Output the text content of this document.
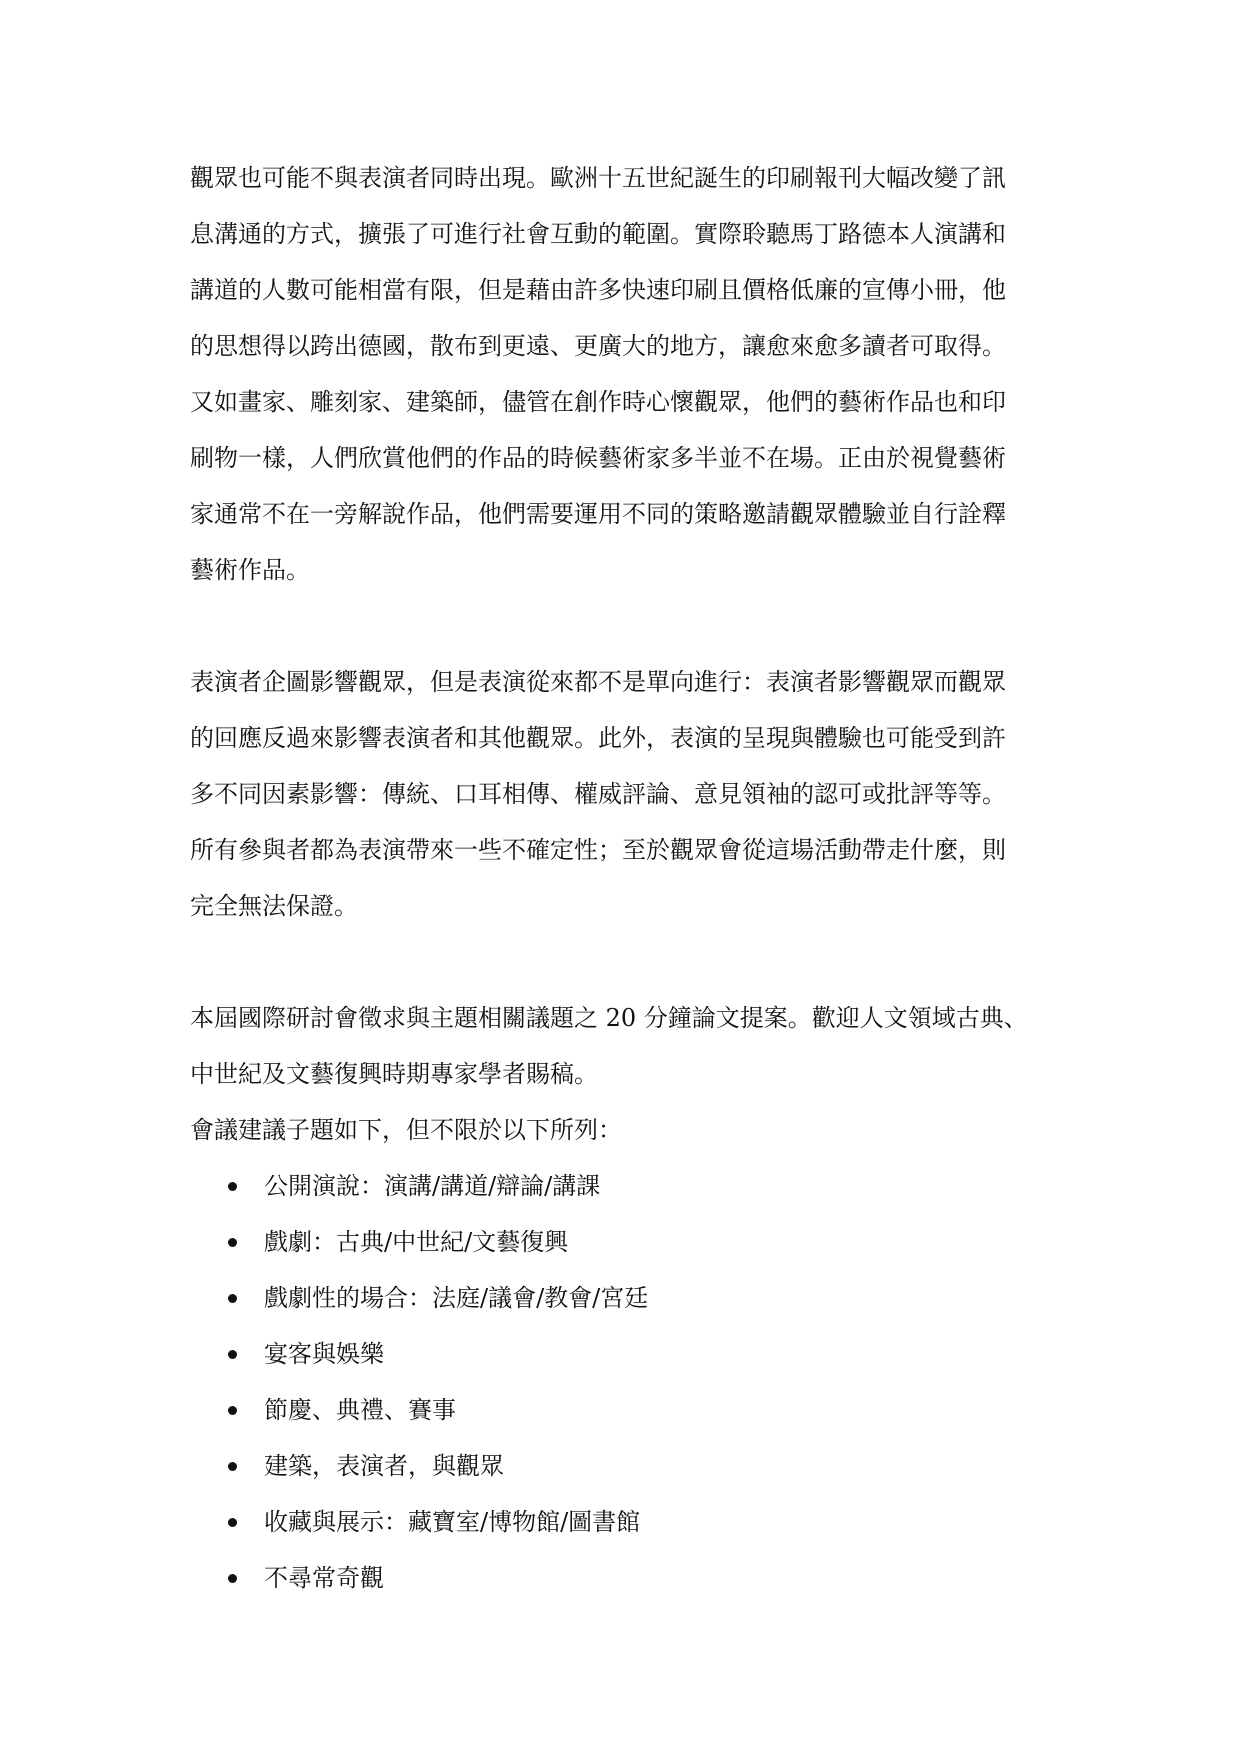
觀眾也可能不與表演者同時出現。歐洲十五世紀誕生的印刷報刊大幅改變了訊

息溝通的方式，擴張了可進行社會互動的範圍。實際聆聽馬丁路德本人演講和

講道的人數可能相當有限，但是藉由許多快速印刷且價格低廉的宣傳小冊，他

的思想得以跨出德國，散布到更遠、更廣大的地方，讓愈來愈多讀者可取得。

又如畫家、雕刻家、建築師，儘管在創作時心懷觀眾，他們的藝術作品也和印

刷物一樣，人們欣賞他們的作品的時候藝術家多半並不在場。正由於視覺藝術

家通常不在一旁解說作品，他們需要運用不同的策略邀請觀眾體驗並自行詮釋

藝術作品。

表演者企圖影響觀眾，但是表演從來都不是單向進行：表演者影響觀眾而觀眾

的回應反過來影響表演者和其他觀眾。此外，表演的呈現與體驗也可能受到許

多不同因素影響：傳統、口耳相傳、權威評論、意見領袖的認可或批評等等。

所有參與者都為表演帶來一些不確定性；至於觀眾會從這場活動帶走什麼，則

完全無法保證。

本屆國際研討會徵求與主題相關議題之 20 分鐘論文提案。歡迎人文領域古典、

中世紀及文藝復興時期專家學者賜稿。

會議建議子題如下，但不限於以下所列：

公開演說：演講/講道/辯論/講課
戲劇：古典/中世紀/文藝復興
戲劇性的場合：法庭/議會/教會/宮廷
宴客與娛樂
節慶、典禮、賽事
建築，表演者，與觀眾
收藏與展示：藏寶室/博物館/圖書館
不尋常奇觀
